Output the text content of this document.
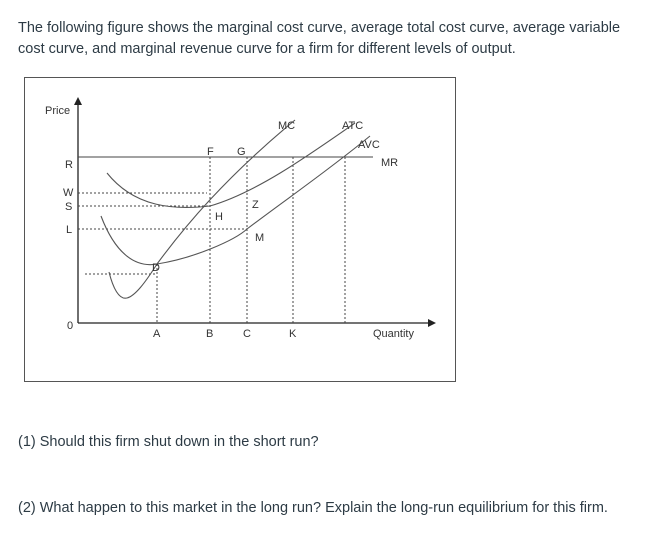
The following figure shows the marginal cost curve, average total cost curve, average variable cost curve, and marginal revenue curve for a firm for different levels of output.

Price
Quantity
0
R
W
S
L
A	B	C	K
D
F G
H
Z
M
MC	ATC
AVC
MR

(1) Should this firm shut down in the short run?

(2) What happen to this market in the long run? Explain the long-run equilibrium for this firm.
